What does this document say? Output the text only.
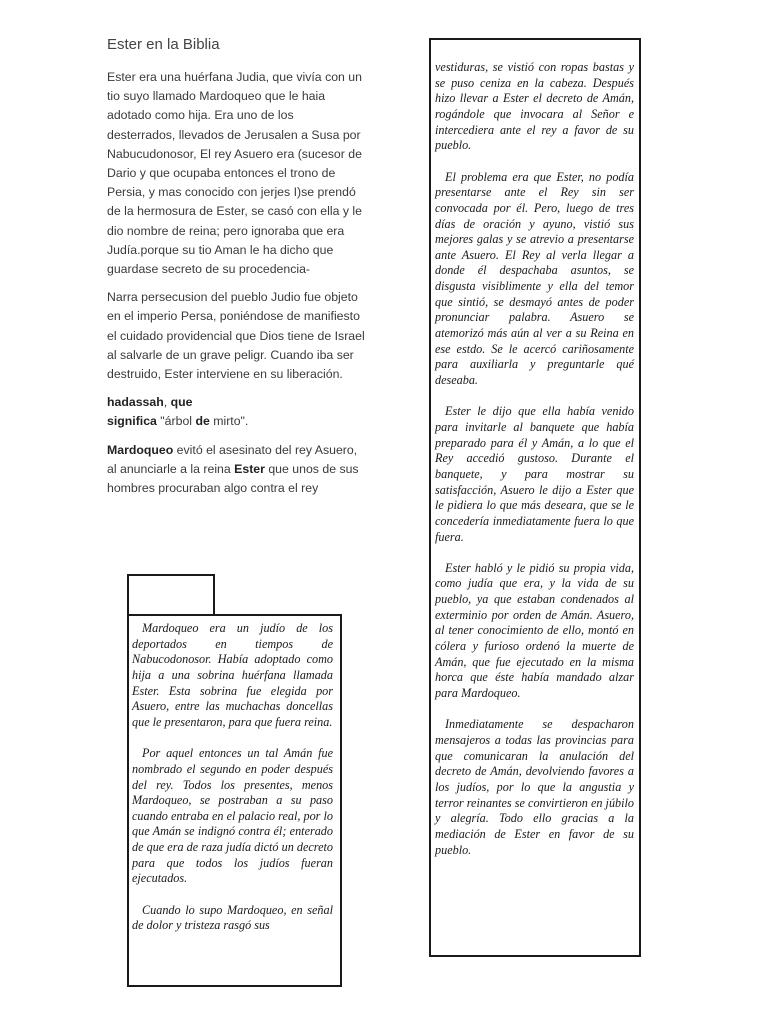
Ester en la Biblia

Ester era una huérfana Judia, que vivía con un tio suyo llamado Mardoqueo que le haia adotado como hija. Era uno de los desterrados, llevados de Jerusalen a Susa por Nabucudonosor, El rey Asuero era (sucesor de Dario y que ocupaba entonces el trono de Persia, y mas conocido con jerjes I)se prendó de la hermosura de Ester, se casó con ella y le dio nombre de reina; pero ignoraba que era Judía.porque su tio Aman le ha dicho que guardase secreto de su procedencia-

Narra persecusion del pueblo Judio fue objeto en el imperio Persa, poniéndose de manifiesto el cuidado providencial que Dios tiene de Israel al salvarle de un grave peligr. Cuando iba ser destruido, Ester interviene en su liberación.

hadassah, que
significa "árbol de mirto".

Mardoqueo evitó el asesinato del rey Asuero, al anunciarle a la reina Ester que unos de sus hombres procuraban algo contra el rey

Mardoqueo era un judío de los deportados en tiempos de Nabucodonosor. Había adoptado como hija a una sobrina huérfana llamada Ester. Esta sobrina fue elegida por Asuero, entre las muchachas doncellas que le presentaron, para que fuera reina.

Por aquel entonces un tal Amán fue nombrado el segundo en poder después del rey. Todos los presentes, menos Mardoqueo, se postraban a su paso cuando entraba en el palacio real, por lo que Amán se indignó contra él; enterado de que era de raza judía dictó un decreto para que todos los judíos fueran ejecutados.

Cuando lo supo Mardoqueo, en señal de dolor y tristeza rasgó sus

vestiduras, se vistió con ropas bastas y se puso ceniza en la cabeza. Después hizo llevar a Ester el decreto de Amán, rogándole que invocara al Señor e intercediera ante el rey a favor de su pueblo.

El problema era que Ester, no podía presentarse ante el Rey sin ser convocada por él. Pero, luego de tres días de oración y ayuno, vistió sus mejores galas y se atrevio a presentarse ante Asuero. El Rey al verla llegar a donde él despachaba asuntos, se disgusta visiblimente y ella del temor que sintió, se desmayó antes de poder pronunciar palabra. Asuero se atemorizó más aún al ver a su Reina en ese estdo. Se le acercó cariñosamente para auxiliarla y preguntarle qué deseaba.

Ester le dijo que ella había venido para invitarle al banquete que había preparado para él y Amán, a lo que el Rey accedió gustoso. Durante el banquete, y para mostrar su satisfacción, Asuero le dijo a Ester que le pidiera lo que más deseara, que se le concedería inmediatamente fuera lo que fuera.

Ester habló y le pidió su propia vida, como judía que era, y la vida de su pueblo, ya que estaban condenados al exterminio por orden de Amán. Asuero, al tener conocimiento de ello, montó en cólera y furioso ordenó la muerte de Amán, que fue ejecutado en la misma horca que éste había mandado alzar para Mardoqueo.

Inmediatamente se despacharon mensajeros a todas las provincias para que comunicaran la anulación del decreto de Amán, devolviendo favores a los judíos, por lo que la angustia y terror reinantes se convirtieron en júbilo y alegría. Todo ello gracias a la mediación de Ester en favor de su pueblo.
